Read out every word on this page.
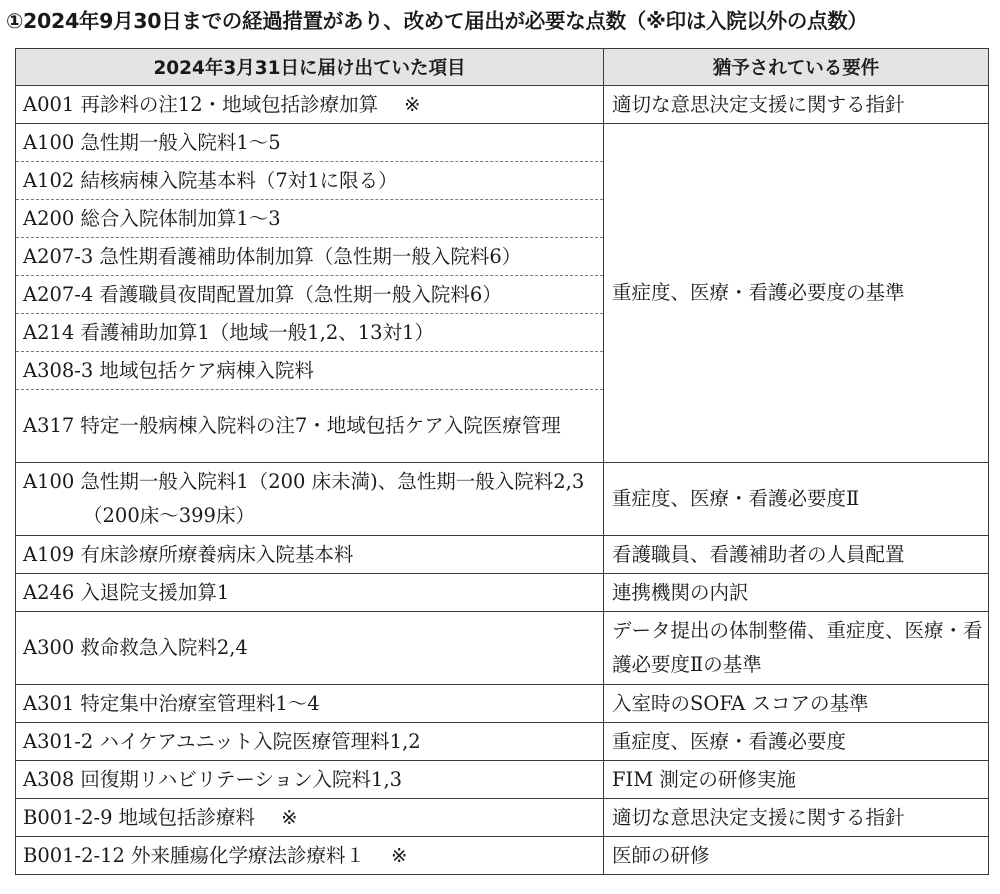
①2024年9月30日までの経過措置があり、改めて届出が必要な点数（※印は入院以外の点数）
2024年3月31日に届け出ていた項目	猶予されている要件
A001 再診料の注12・地域包括診療加算 ※	適切な意思決定支援に関する指針
A100 急性期一般入院料1～5	重症度、医療・看護必要度の基準
A102 結核病棟入院基本料（7対1に限る）	
A200 総合入院体制加算1～3	
A207-3 急性期看護補助体制加算（急性期一般入院料6）	
A207-4 看護職員夜間配置加算（急性期一般入院料6）	
A214 看護補助加算1（地域一般1,2、13対1）	
A308-3 地域包括ケア病棟入院料	

A317 特定一般病棟入院料の注7・地域包括ケア入院医療管理	

A100 急性期一般入院料1（200 床未満)、急性期一般入院料2,3（200床～399床）	重症度、医療・看護必要度Ⅱ
A109 有床診療所療養病床入院基本料	看護職員、看護補助者の人員配置
A246 入退院支援加算1	連携機関の内訳
A300 救命救急入院料2,4	データ提出の体制整備、重症度、医療・看護必要度Ⅱの基準
A301 特定集中治療室管理料1～4	入室時のSOFA スコアの基準
A301-2 ハイケアユニット入院医療管理料1,2	重症度、医療・看護必要度
A308 回復期リハビリテーション入院料1,3	FIM 測定の研修実施
B001-2-9 地域包括診療料 ※	適切な意思決定支援に関する指針
B001-2-12 外来腫瘍化学療法診療料１ ※	医師の研修
